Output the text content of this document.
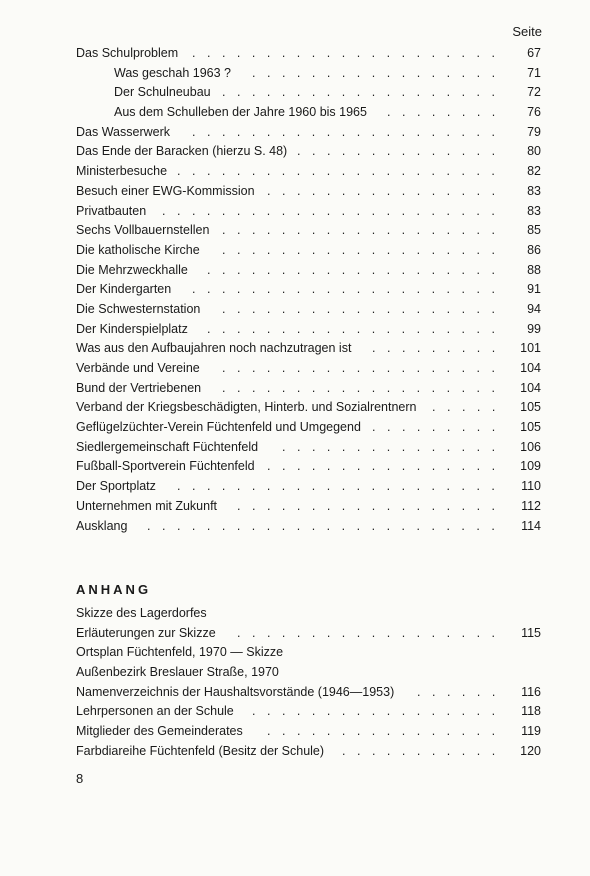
Seite
Das Schulproblem	67
.....................
Was geschah 1963 ?	71
.................
Der Schulneubau	72
...................
Aus dem Schulleben der Jahre 1960 bis 1965	76
........
Das Wasserwerk	79
.....................
Das Ende der Baracken (hierzu S. 48)	80
..............
Ministerbesuche	82
......................
Besuch einer EWG-Kommission	83
................
Privatbauten	83
.......................
Sechs Vollbauernstellen	85
...................
Die katholische Kirche	86
...................
Die Mehrzweckhalle	88
....................
Der Kindergarten	91
.....................
Die Schwesternstation	94
...................
Der Kinderspielplatz	99
....................
Was aus den Aufbaujahren noch nachzutragen ist	101
.........
Verbände und Vereine	104
...................
Bund der Vertriebenen	104
...................
Verband der Kriegsbeschädigten, Hinterb. und Sozialrentnern	105
.....
Geflügelzüchter-Verein Füchtenfeld und Umgegend	105
.........
Siedlergemeinschaft Füchtenfeld	106
...............
Fußball-Sportverein Füchtenfeld	109
................
Der Sportplatz	110
......................
Unternehmen mit Zukunft	112
..................
Ausklang	114
........................
ANHANG
Skizze des Lagerdorfes
Erläuterungen zur Skizze	115
..................
Ortsplan Füchtenfeld, 1970 — Skizze
Außenbezirk Breslauer Straße, 1970
Namenverzeichnis der Haushaltsvorstände (1946—1953)	116
......
Lehrpersonen an der Schule	118
.................
Mitglieder des Gemeinderates	119
................
Farbdiareihe Füchtenfeld (Besitz der Schule)	120
...........
8
